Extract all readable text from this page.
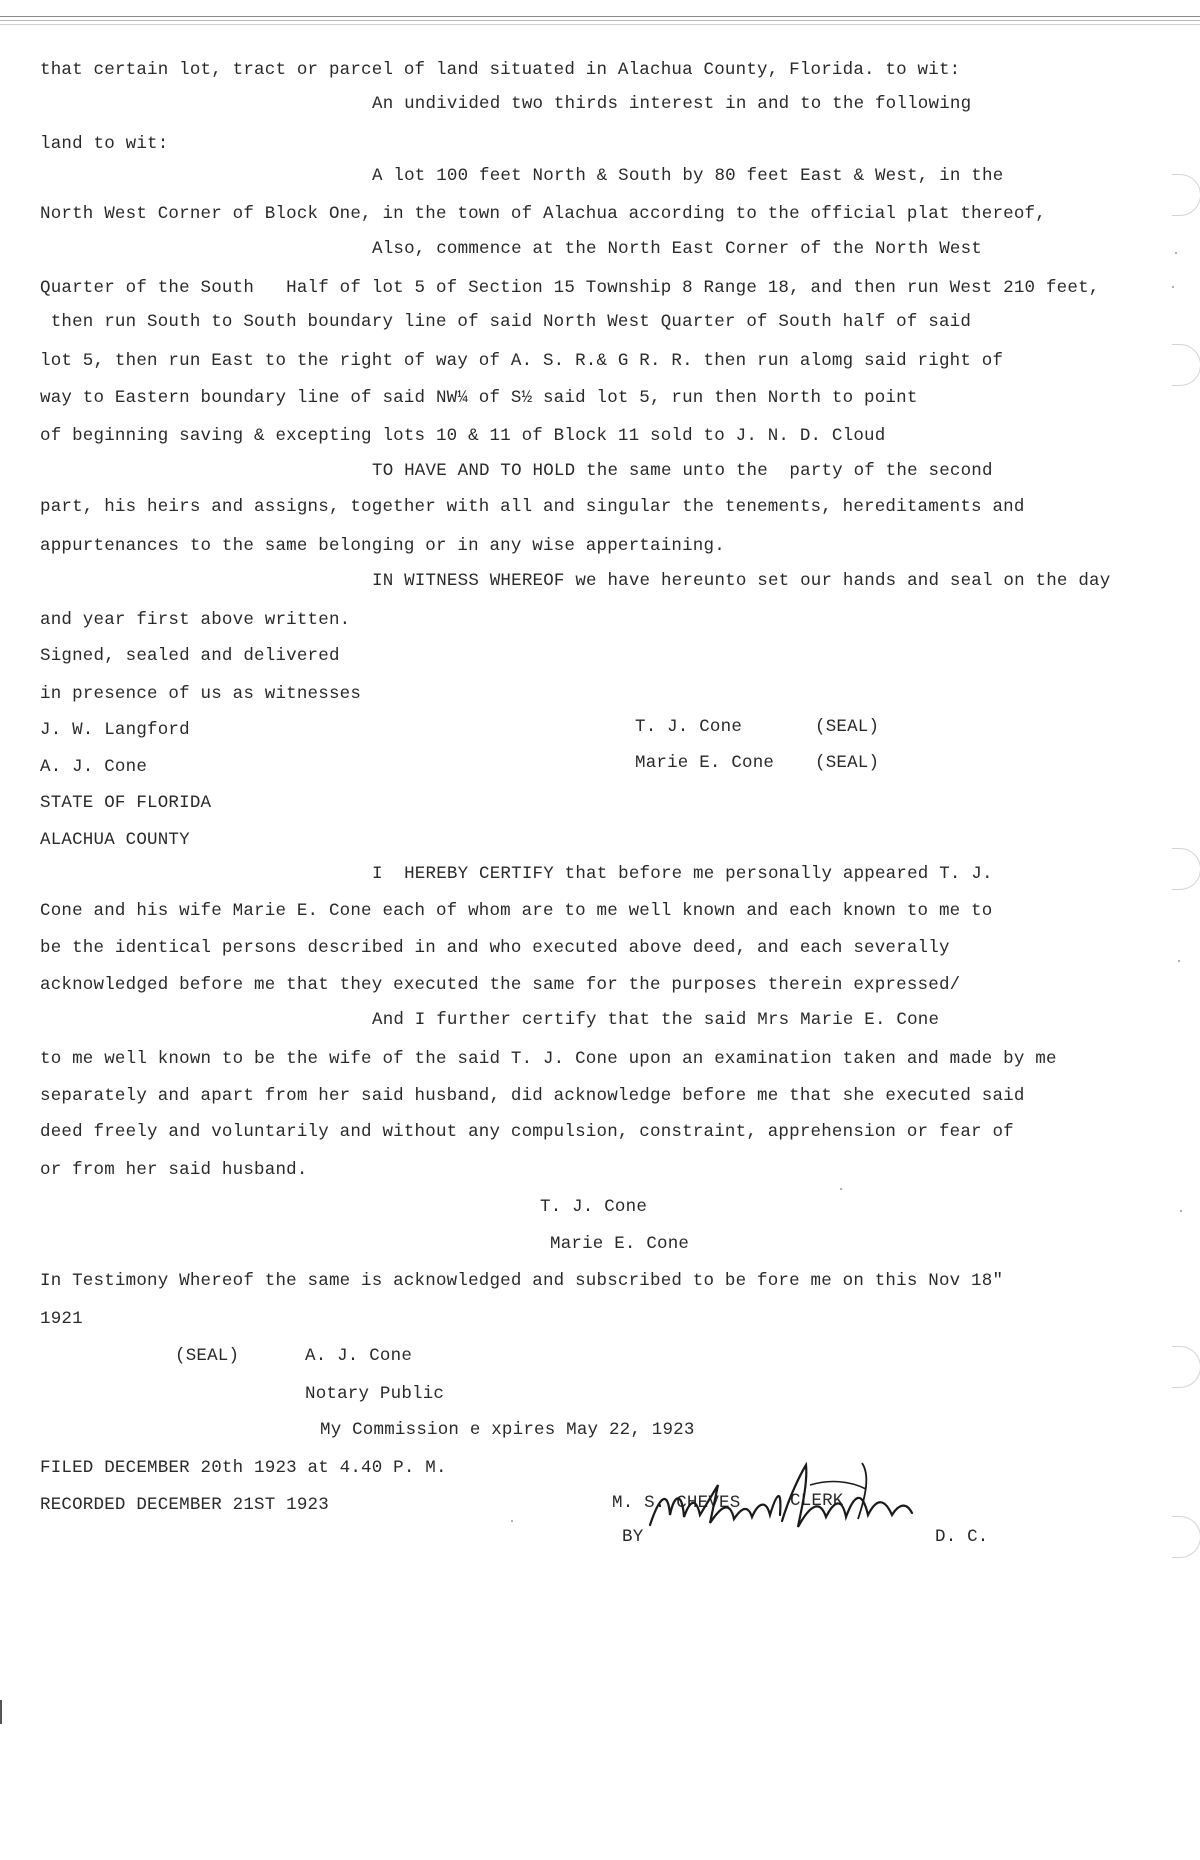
that certain lot, tract or parcel of land situated in Alachua County, Florida. to wit:
An undivided two thirds interest in and to the following
land to wit:
A lot 100 feet North & South by 80 feet East & West, in the
North West Corner of Block One, in the town of Alachua according to the official plat thereof,
Also, commence at the North East Corner of the North West
Quarter of the South   Half of lot 5 of Section 15 Township 8 Range 18, and then run West 210 feet,
then run South to South boundary line of said North West Quarter of South half of said
lot 5, then run East to the right of way of A. S. R.& G R. R. then run alomg said right of
way to Eastern boundary line of said NW¼ of S½ said lot 5, run then North to point
of beginning saving & excepting lots 10 & 11 of Block 11 sold to J. N. D. Cloud
TO HAVE AND TO HOLD the same unto the  party of the second
part, his heirs and assigns, together with all and singular the tenements, hereditaments and
appurtenances to the same belonging or in any wise appertaining.
IN WITNESS WHEREOF we have hereunto set our hands and seal on the day
and year first above written.
Signed, sealed and delivered
in presence of us as witnesses
J. W. Langford
A. J. Cone
T. J. Cone	(SEAL)
Marie E. Cone (SEAL)
STATE OF FLORIDA
ALACHUA COUNTY
I  HEREBY CERTIFY that before me personally appeared T. J.
Cone and his wife Marie E. Cone each of whom are to me well known and each known to me to
be the identical persons described in and who executed above deed, and each severally
acknowledged before me that they executed the same for the purposes therein expressed/
And I further certify that the said Mrs Marie E. Cone
to me well known to be the wife of the said T. J. Cone upon an examination taken and made by me
separately and apart from her said husband, did acknowledge before me that she executed said
deed freely and voluntarily and without any compulsion, constraint, apprehension or fear of
or from her said husband.
T. J. Cone
Marie E. Cone
In Testimony Whereof the same is acknowledged and subscribed to be fore me on this Nov 18"
1921
(SEAL)	A. J. Cone
Notary Public
My Commission e xpires May 22, 1923
FILED DECEMBER 20th 1923 at 4.40 P. M.
RECORDED DECEMBER 21ST 1923	M. S. CHEVES	CLERK
BY	D. C.
